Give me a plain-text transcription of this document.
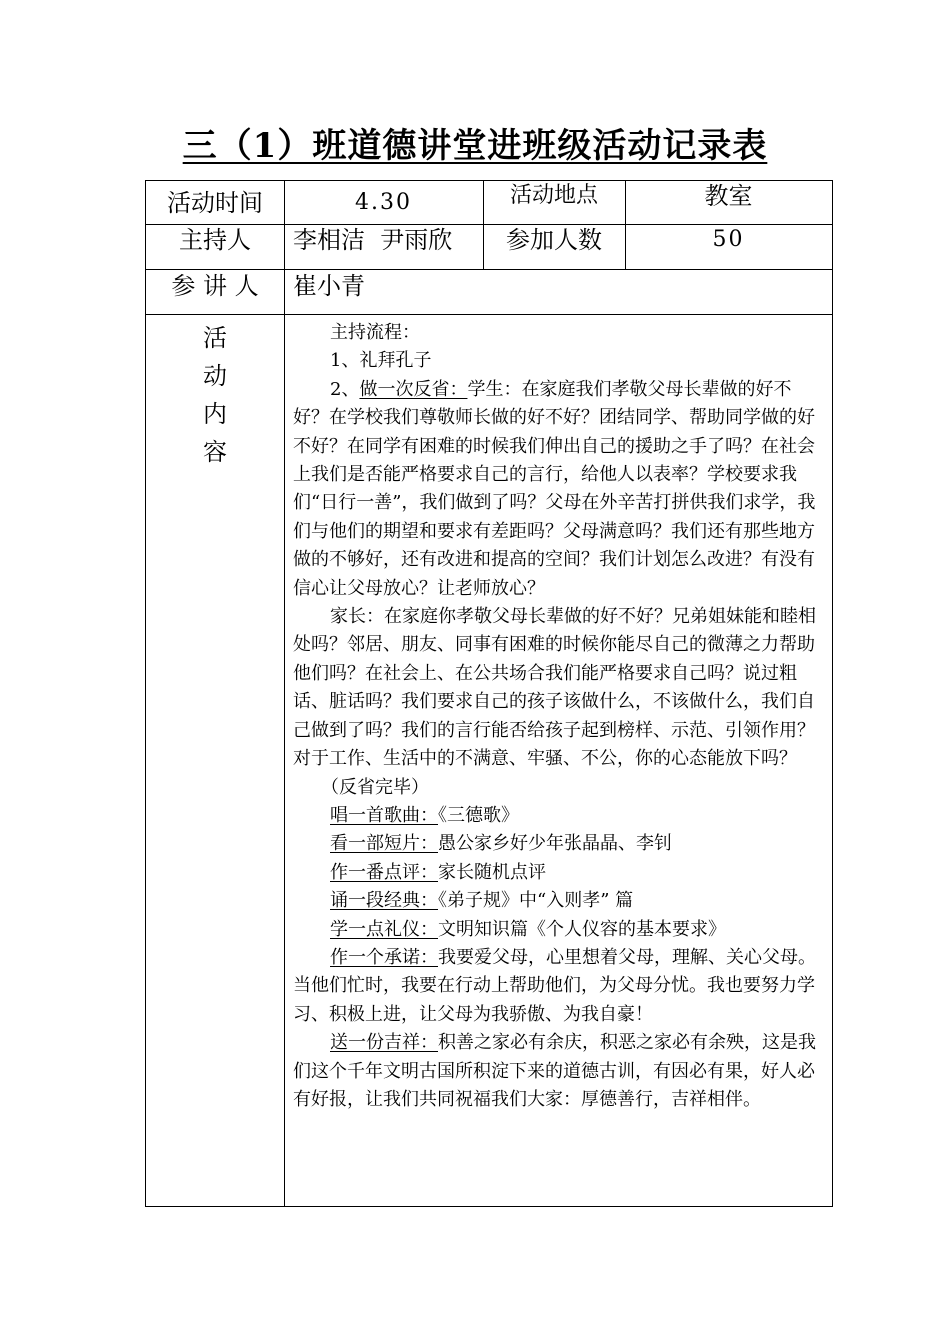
三（1）班道德讲堂进班级活动记录表
活动时间	4.30	活动地点	教室
主持人	李相洁  尹雨欣	参加人数	50
参 讲 人	崔小青
活
动
内
容

主持流程：

1、礼拜孔子

2、做一次反省：学生：在家庭我们孝敬父母长辈做的好不好？在学校我们尊敬师长做的好不好？团结同学、帮助同学做的好不好？在同学有困难的时候我们伸出自己的援助之手了吗？在社会上我们是否能严格要求自己的言行，给他人以表率？学校要求我们“日行一善”，我们做到了吗？父母在外辛苦打拼供我们求学，我们与他们的期望和要求有差距吗？父母满意吗？我们还有那些地方做的不够好，还有改进和提高的空间？我们计划怎么改进？有没有信心让父母放心？让老师放心？

家长：在家庭你孝敬父母长辈做的好不好？兄弟姐妹能和睦相处吗？邻居、朋友、同事有困难的时候你能尽自己的微薄之力帮助他们吗？在社会上、在公共场合我们能严格要求自己吗？说过粗话、脏话吗？我们要求自己的孩子该做什么，不该做什么，我们自己做到了吗？我们的言行能否给孩子起到榜样、示范、引领作用？对于工作、生活中的不满意、牢骚、不公，你的心态能放下吗？

（反省完毕）

唱一首歌曲：《三德歌》

看一部短片：愚公家乡好少年张晶晶、李钊

作一番点评：家长随机点评

诵一段经典：《弟子规》中“入则孝” 篇

学一点礼仪：文明知识篇《个人仪容的基本要求》

作一个承诺：我要爱父母，心里想着父母，理解、关心父母。当他们忙时，我要在行动上帮助他们，为父母分忧。我也要努力学习、积极上进，让父母为我骄傲、为我自豪！

送一份吉祥：积善之家必有余庆，积恶之家必有余殃，这是我们这个千年文明古国所积淀下来的道德古训，有因必有果，好人必有好报，让我们共同祝福我们大家：厚德善行，吉祥相伴。
